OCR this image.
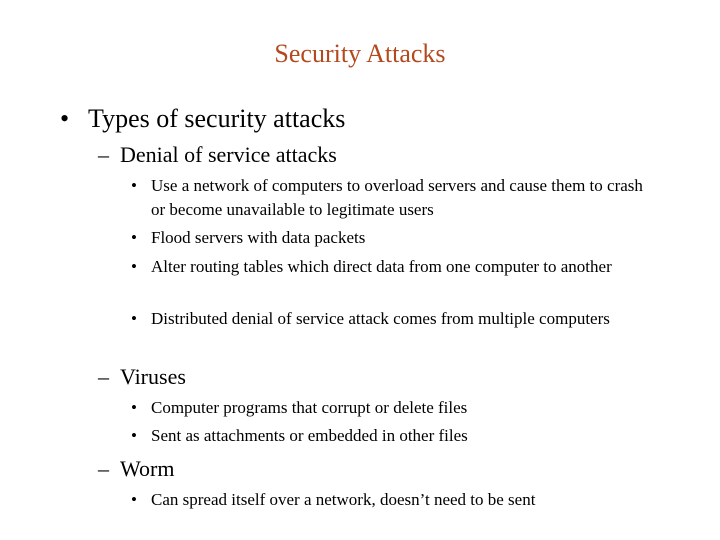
Security Attacks
• Types of security attacks
– Denial of service attacks
• Use a network of computers to overload servers and cause them to crash or become unavailable to legitimate users
• Flood servers with data packets
• Alter routing tables which direct data from one computer to another
• Distributed denial of service attack comes from multiple computers
– Viruses
• Computer programs that corrupt or delete files
• Sent as attachments or embedded in other files
– Worm
• Can spread itself over a network, doesn’t need to be sent
